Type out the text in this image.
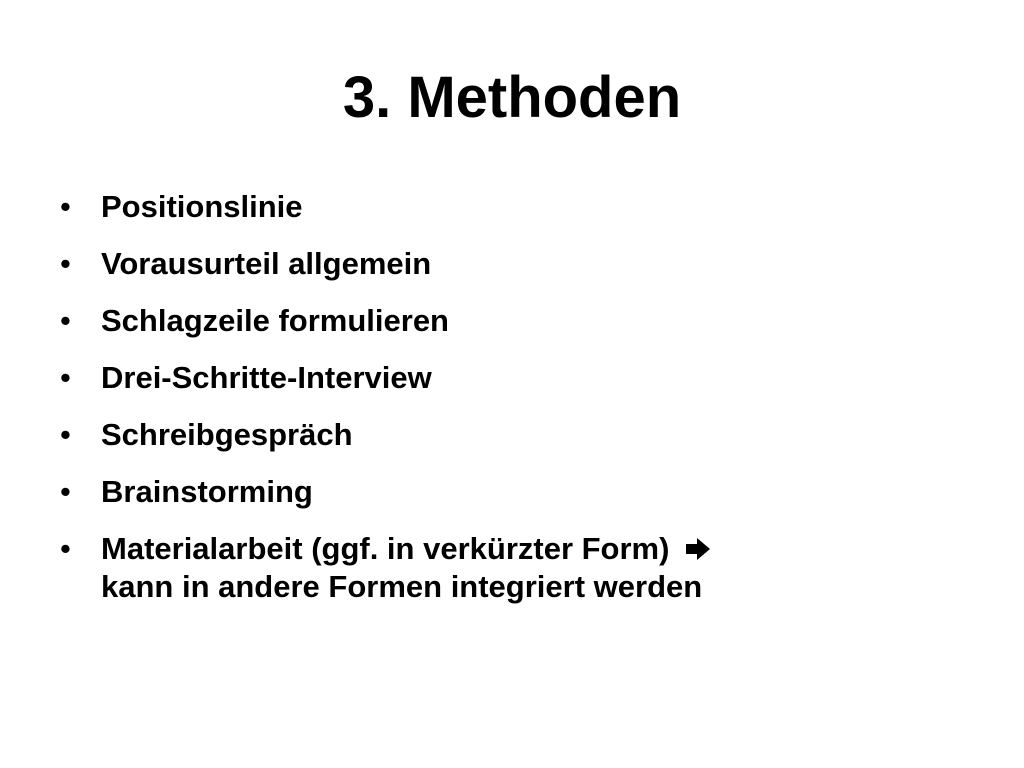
3. Methoden
• Positionslinie
• Vorausurteil allgemein
• Schlagzeile formulieren
• Drei-Schritte-Interview
• Schreibgespräch
• Brainstorming
• Materialarbeit (ggf. in verkürzter Form)
kann in andere Formen integriert werden
